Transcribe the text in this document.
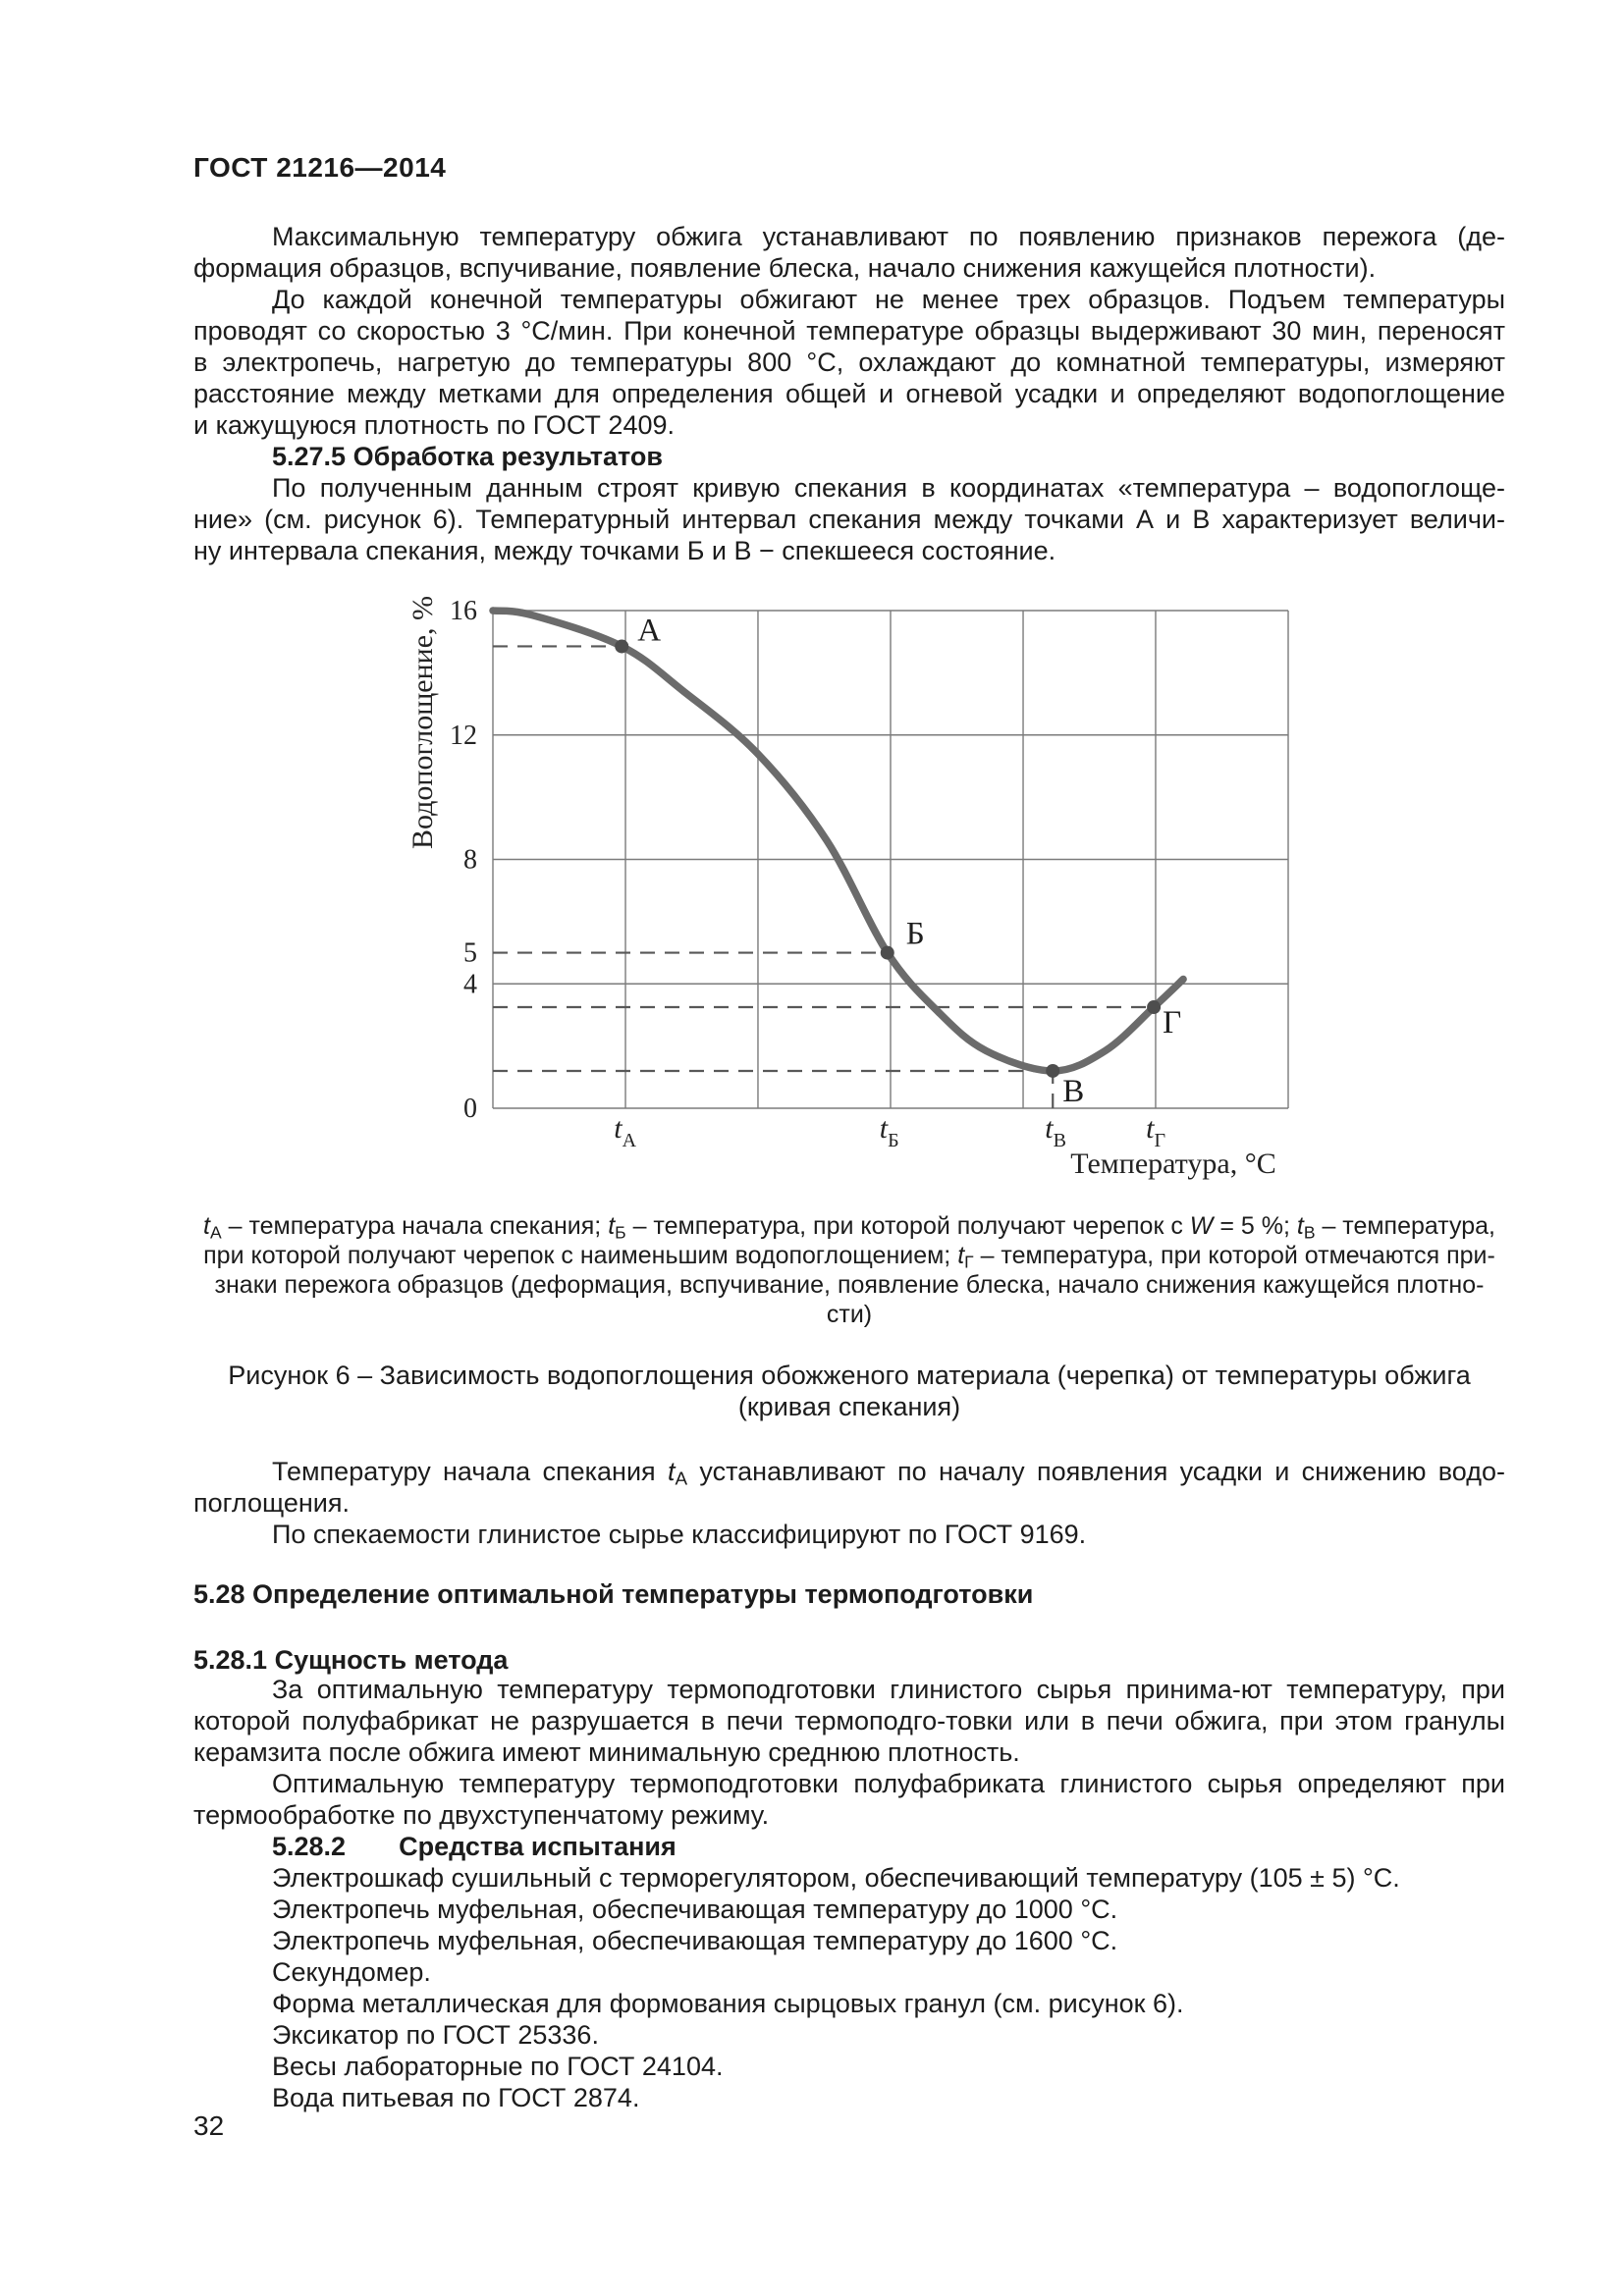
ГОСТ 21216—2014
Максимальную температуру обжига устанавливают по появлению признаков пережога (де-
формация образцов, вспучивание, появление блеска, начало снижения кажущейся плотности).
До каждой конечной температуры обжигают не менее трех образцов. Подъем температуры
проводят со скоростью 3 °С/мин. При конечной температуре образцы выдерживают 30 мин, переносят
в электропечь, нагретую до температуры 800 °С, охлаждают до комнатной температуры, измеряют
расстояние между метками для определения общей и огневой усадки и определяют водопоглощение
и кажущуюся плотность по ГОСТ 2409.
5.27.5 Обработка результатов
По полученным данным строят кривую спекания в координатах «температура – водопоглоще-
ние» (см. рисунок 6). Температурный интервал спекания между точками А и В характеризует величи-
ну интервала спекания, между точками Б и В − спекшееся состояние.
А
Б
В
Г
16
12
8
5
4
0
$t_А$	$t_Б$	$t_В$	$t_Г$
Температура, °С
Водопоглощение, %
$t_А$ – температура начала спекания; $t_Б$ – температура, при которой получают черепок с W = 5 %; $t_В$ – температура,
при которой получают черепок с наименьшим водопоглощением; $t_Г$ – температура, при которой отмечаются при-
знаки пережога образцов (деформация, вспучивание, появление блеска, начало снижения кажущейся плотно-
сти)
Рисунок 6 – Зависимость водопоглощения обожженого материала (черепка) от температуры обжига
(кривая спекания)
Температуру начала спекания $t_А$ устанавливают по началу появления усадки и снижению водо-
поглощения.
По спекаемости глинистое сырье классифицируют по ГОСТ 9169.
5.28 Определение оптимальной температуры термоподготовки
5.28.1 Сущность метода
За оптимальную температуру термоподготовки глинистого сырья принима-ют температуру, при
которой полуфабрикат не разрушается в печи термоподго-товки или в печи обжига, при этом гранулы
керамзита после обжига имеют минимальную среднюю плотность.
Оптимальную температуру термоподготовки полуфабриката глинистого сырья определяют при
термообработке по двухступенчатому режиму.
5.28.2 Средства испытания
Электрошкаф сушильный с терморегулятором, обеспечивающий температуру (105 ± 5) °С.
Электропечь муфельная, обеспечивающая температуру до 1000 °С.
Электропечь муфельная, обеспечивающая температуру до 1600 °С.
Секундомер.
Форма металлическая для формования сырцовых гранул (см. рисунок 6).
Эксикатор по ГОСТ 25336.
Весы лабораторные по ГОСТ 24104.
Вода питьевая по ГОСТ 2874.
32
